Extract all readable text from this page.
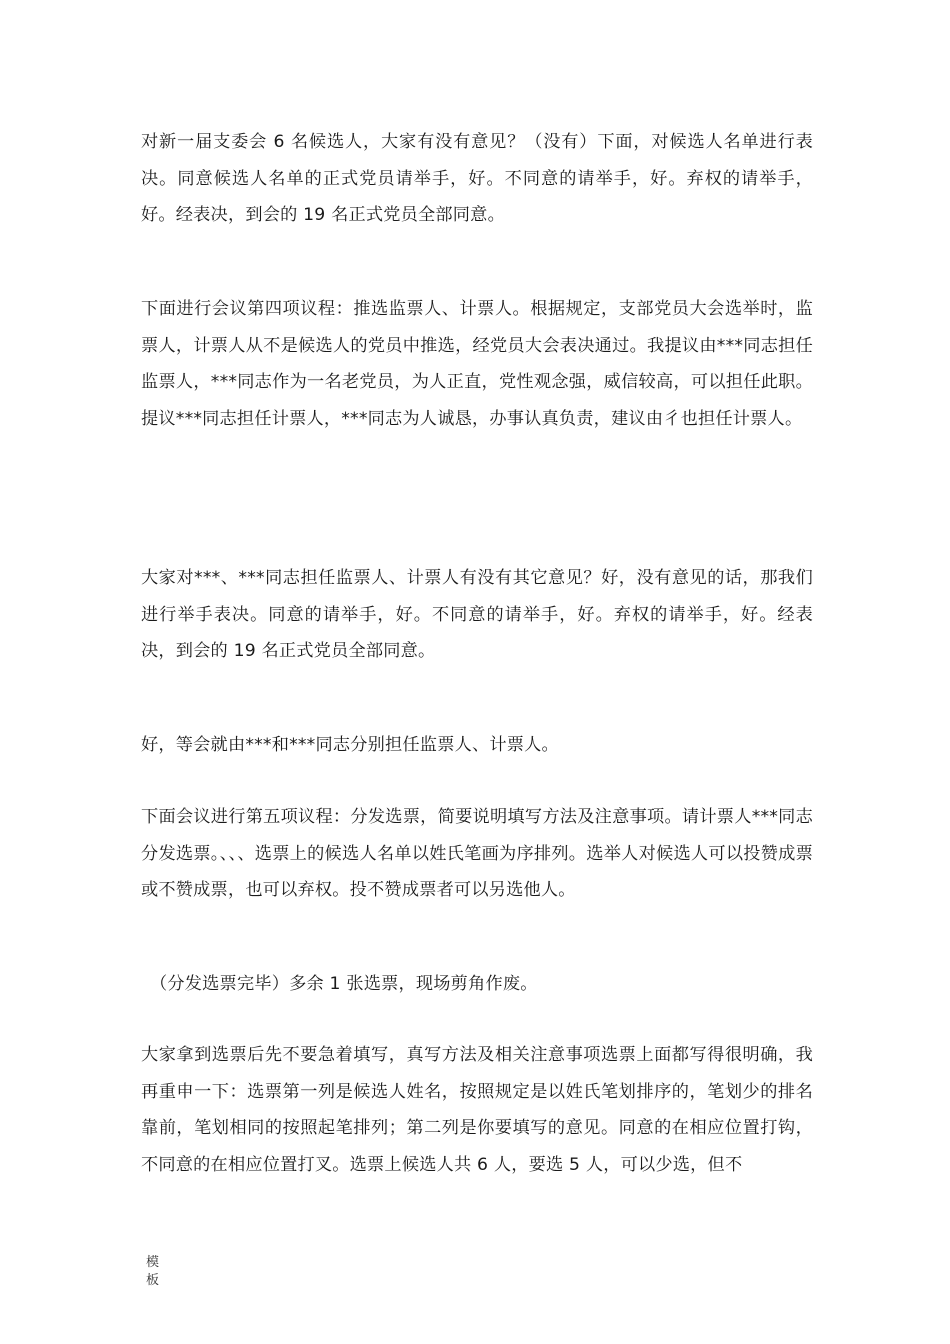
对新一届支委会 6 名候选人，大家有没有意见？（没有）下面，对候选人名单进行表决。同意候选人名单的正式党员请举手，好。不同意的请举手，好。弃权的请举手，好。经表决，到会的 19 名正式党员全部同意。

下面进行会议第四项议程：推选监票人、计票人。根据规定，支部党员大会选举时，监票人，计票人从不是候选人的党员中推选，经党员大会表决通过。我提议由***同志担任监票人，***同志作为一名老党员，为人正直，党性观念强，威信较高，可以担任此职。提议***同志担任计票人，***同志为人诚恳，办事认真负责，建议由彳也担任计票人。

大家对***、***同志担任监票人、计票人有没有其它意见？好，没有意见的话，那我们进行举手表决。同意的请举手，好。不同意的请举手，好。弃权的请举手，好。经表决，到会的 19 名正式党员全部同意。

好，等会就由***和***同志分别担任监票人、计票人。

下面会议进行第五项议程：分发选票，简要说明填写方法及注意事项。请计票人***同志分发选票。、、、选票上的候选人名单以姓氏笔画为序排列。选举人对候选人可以投赞成票或不赞成票，也可以弃权。投不赞成票者可以另选他人。

（分发选票完毕）多余 1 张选票，现场剪角作废。

大家拿到选票后先不要急着填写，真写方法及相关注意事项选票上面都写得很明确，我再重申一下：选票第一列是候选人姓名，按照规定是以姓氏笔划排序的，笔划少的排名靠前，笔划相同的按照起笔排列；第二列是你要填写的意见。同意的在相应位置打钩，不同意的在相应位置打叉。选票上候选人共 6 人，要选 5 人，可以少选，但不

模板
